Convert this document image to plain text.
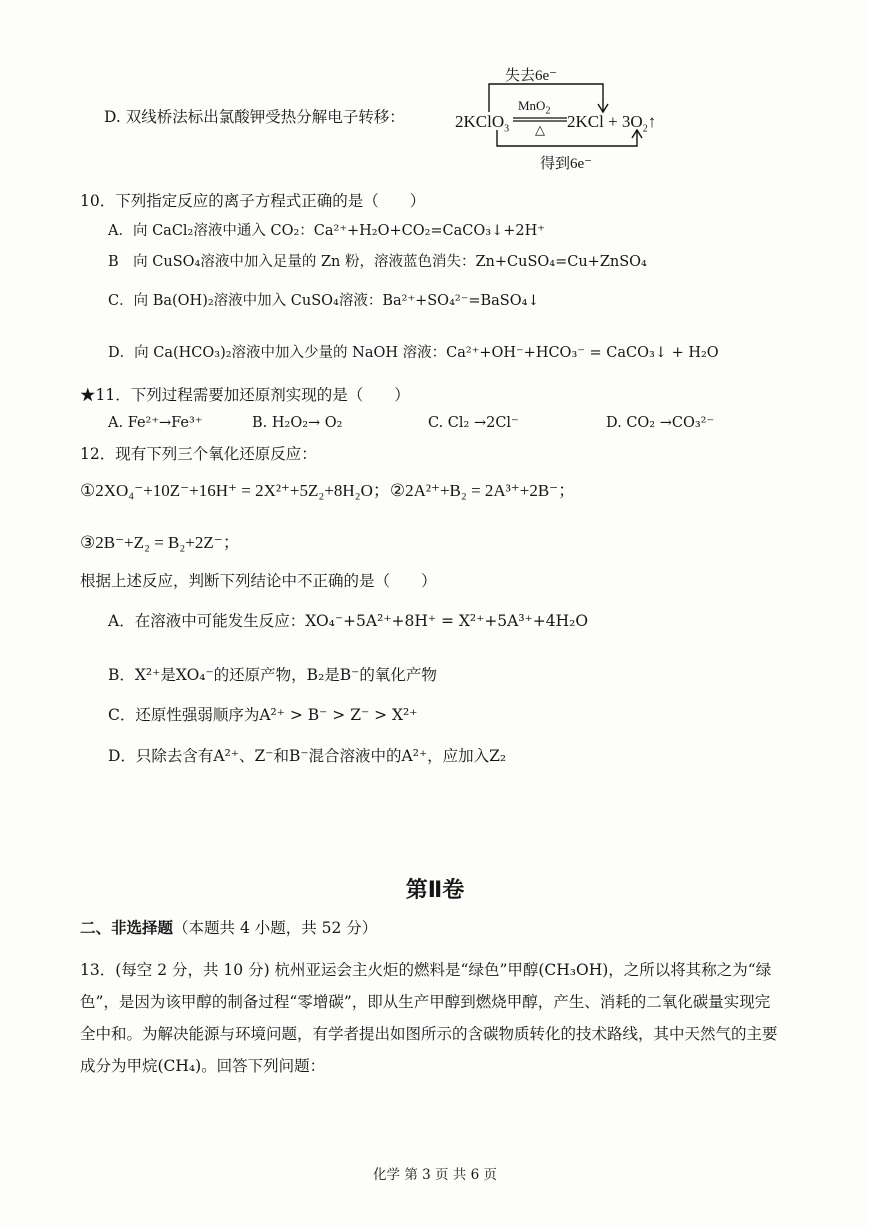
D. 双线桥法标出氯酸钾受热分解电子转移：
失去6e⁻
MnO$_2$
△
2KClO$_3$	$2KCl + 3O_2↑$
得到6e⁻
10．下列指定反应的离子方程式正确的是（　　）
A．向 CaCl₂溶液中通入 CO₂：Ca²⁺+H₂O+CO₂=CaCO₃↓+2H⁺
B　向 CuSO₄溶液中加入足量的 Zn 粉，溶液蓝色消失：Zn+CuSO₄=Cu+ZnSO₄
C．向 Ba(OH)₂溶液中加入 CuSO₄溶液：Ba²⁺+SO₄²⁻=BaSO₄↓
D．向 Ca(HCO₃)₂溶液中加入少量的 NaOH 溶液：Ca²⁺+OH⁻+HCO₃⁻ = CaCO₃↓ + H₂O
★11．下列过程需要加还原剂实现的是（　　）
A. Fe²⁺→Fe³⁺	B. H₂O₂→ O₂	C. Cl₂ →2Cl⁻	D. CO₂ →CO₃²⁻
12．现有下列三个氧化还原反应：
①2XO₄⁻+10Z⁻+16H⁺ = 2X²⁺+5Z₂+8H₂O；②2A²⁺+B₂ = 2A³⁺+2B⁻；
③2B⁻+Z₂ = B₂+2Z⁻；
根据上述反应，判断下列结论中不正确的是（　　）
A．在溶液中可能发生反应：XO₄⁻+5A²⁺+8H⁺ = X²⁺+5A³⁺+4H₂O
B．X²⁺是XO₄⁻的还原产物，B₂是B⁻的氧化产物
C．还原性强弱顺序为A²⁺ > B⁻ > Z⁻ > X²⁺
D．只除去含有A²⁺、Z⁻和B⁻混合溶液中的A²⁺，应加入Z₂
第Ⅱ卷
二、非选择题（本题共 4 小题，共 52 分）
13．(每空 2 分，共 10 分) 杭州亚运会主火炬的燃料是“绿色”甲醇(CH₃OH)，之所以将其称之为“绿色”，是因为该甲醇的制备过程“零增碳”，即从生产甲醇到燃烧甲醇，产生、消耗的二氧化碳量实现完全中和。为解决能源与环境问题，有学者提出如图所示的含碳物质转化的技术路线，其中天然气的主要成分为甲烷(CH₄)。回答下列问题：
化学 第 3 页 共 6 页
